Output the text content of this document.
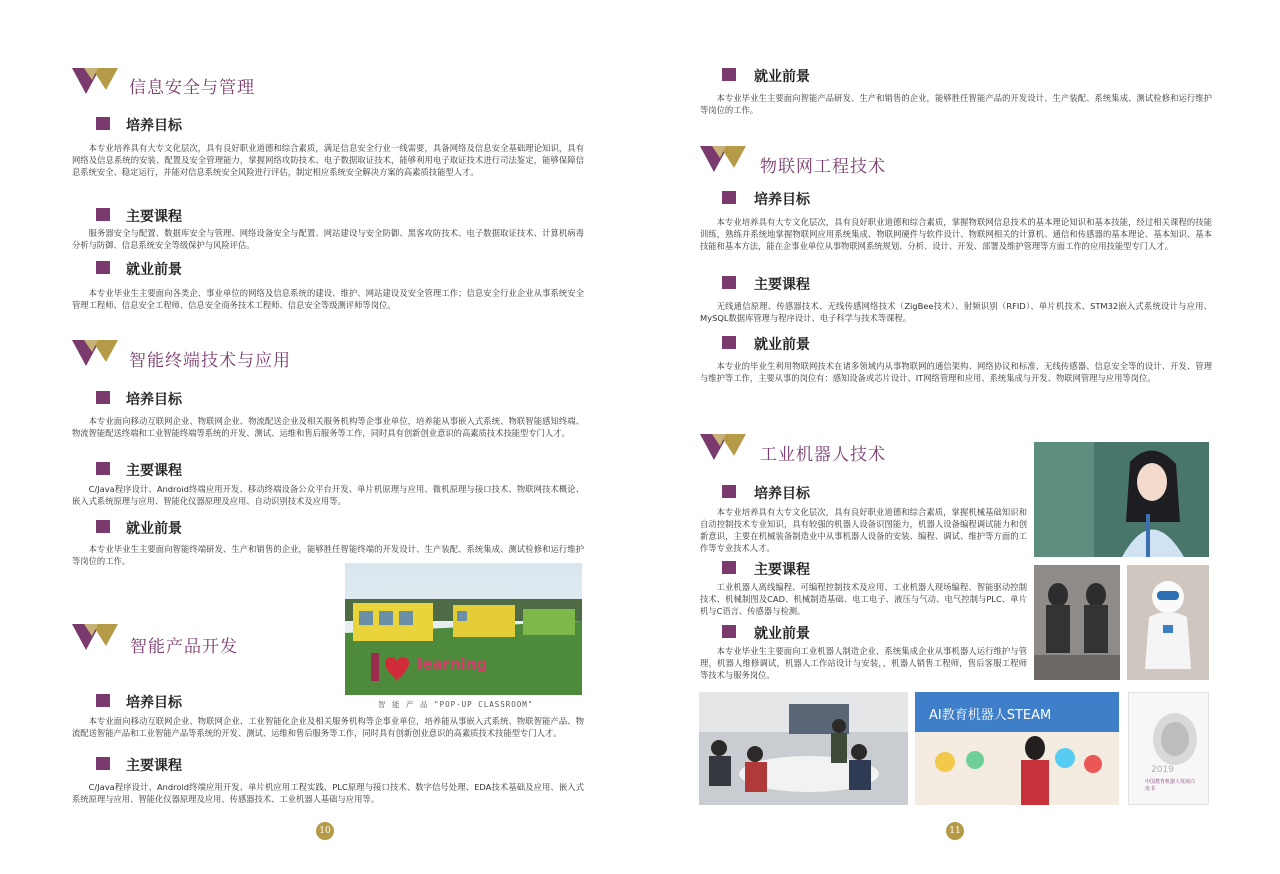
信息安全与管理
培养目标
本专业培养具有大专文化层次，具有良好职业道德和综合素质，满足信息安全行业一线需要，具备网络及信息安全基础理论知识，具有网络及信息系统的安装、配置及安全管理能力，掌握网络攻防技术、电子数据取证技术，能够利用电子取证技术进行司法鉴定，能够保障信息系统安全、稳定运行，并能对信息系统安全风险进行评估，制定相应系统安全解决方案的高素质技能型人才。
主要课程
服务器安全与配置、数据库安全与管理、网络设备安全与配置、网站建设与安全防御、黑客攻防技术、电子数据取证技术、计算机病毒分析与防御、信息系统安全等级保护与风险评估。
就业前景
本专业毕业生主要面向各类企、事业单位的网络及信息系统的建设、维护、网站建设及安全管理工作；信息安全行业企业从事系统安全管理工程师、信息安全工程师、信息安全商务技术工程师、信息安全等级测评师等岗位。
智能终端技术与应用
培养目标
本专业面向移动互联网企业、物联网企业、物流配送企业及相关服务机构等企事业单位，培养能从事嵌入式系统、物联智能感知终端、物流智能配送终端和工业智能终端等系统的开发、测试、运维和售后服务等工作，同时具有创新创业意识的高素质技术技能型专门人才。
主要课程
C/Java程序设计、Android终端应用开发、移动终端设备公众平台开发、单片机原理与应用、微机原理与接口技术、物联网技术概论、嵌入式系统原理与应用、智能化仪器原理及应用、自动识别技术及应用等。
就业前景
本专业毕业生主要面向智能终端研发、生产和销售的企业，能够胜任智能终端的开发设计、生产装配、系统集成、测试检修和运行维护等岗位的工作。
learning
智 能 产 品 "POP-UP CLASSROOM"
智能产品开发
培养目标
本专业面向移动互联网企业、物联网企业、工业智能化企业及相关服务机构等企事业单位，培养能从事嵌入式系统、物联智能产品、物流配送智能产品和工业智能产品等系统的开发、测试、运维和售后服务等工作，同时具有创新创业意识的高素质技术技能型专门人才。
主要课程
C/Java程序设计、Android终端应用开发、单片机应用工程实践、PLC原理与接口技术、数字信号处理、EDA技术基础及应用、嵌入式系统原理与应用、智能化仪器原理及应用、传感器技术、工业机器人基础与应用等。
10
就业前景
本专业毕业生主要面向智能产品研发、生产和销售的企业，能够胜任智能产品的开发设计、生产装配、系统集成、测试检修和运行维护等岗位的工作。
物联网工程技术
培养目标
本专业培养具有大专文化层次，具有良好职业道德和综合素质，掌握物联网信息技术的基本理论知识和基本技能，经过相关课程的技能训练，熟练并系统地掌握物联网应用系统集成、物联网硬件与软件设计、物联网相关的计算机、通信和传感器的基本理论、基本知识、基本技能和基本方法，能在企事业单位从事物联网系统规划、分析、设计、开发、部署及维护管理等方面工作的应用技能型专门人才。
主要课程
无线通信原理、传感器技术、无线传感网络技术（ZigBee技术）、射频识别（RFID）、单片机技术、STM32嵌入式系统设计与应用、MySQL数据库管理与程序设计、电子科学与技术等课程。
就业前景
本专业的毕业生利用物联网技术在诸多领域内从事物联网的通信架构、网络协议和标准、无线传感器、信息安全等的设计、开发、管理与维护等工作，主要从事的岗位有：感知设备或芯片设计、IT网络管理和应用、系统集成与开发、物联网管理与应用等岗位。
工业机器人技术
培养目标
本专业培养具有大专文化层次，具有良好职业道德和综合素质，掌握机械基础知识和自动控制技术专业知识，具有较强的机器人设备识图能力，机器人设备编程调试能力和创新意识，主要在机械装备制造业中从事机器人设备的安装、编程、调试、维护等方面的工作等专业技术人才。
主要课程
工业机器人离线编程、可编程控制技术及应用、工业机器人现场编程、智能驱动控制技术、机械制图及CAD、机械制造基础、电工电子、液压与气动、电气控制与PLC、单片机与C语言、传感器与检测。
就业前景
本专业毕业生主要面向工业机器人制造企业、系统集成企业从事机器人运行维护与管理，机器人维修调试，机器人工作站设计与安装，，机器人销售工程师，售后客服工程师等技术与服务岗位。
AI教育机器人STEAM
2019
中国教育机器人发展白皮书
11
